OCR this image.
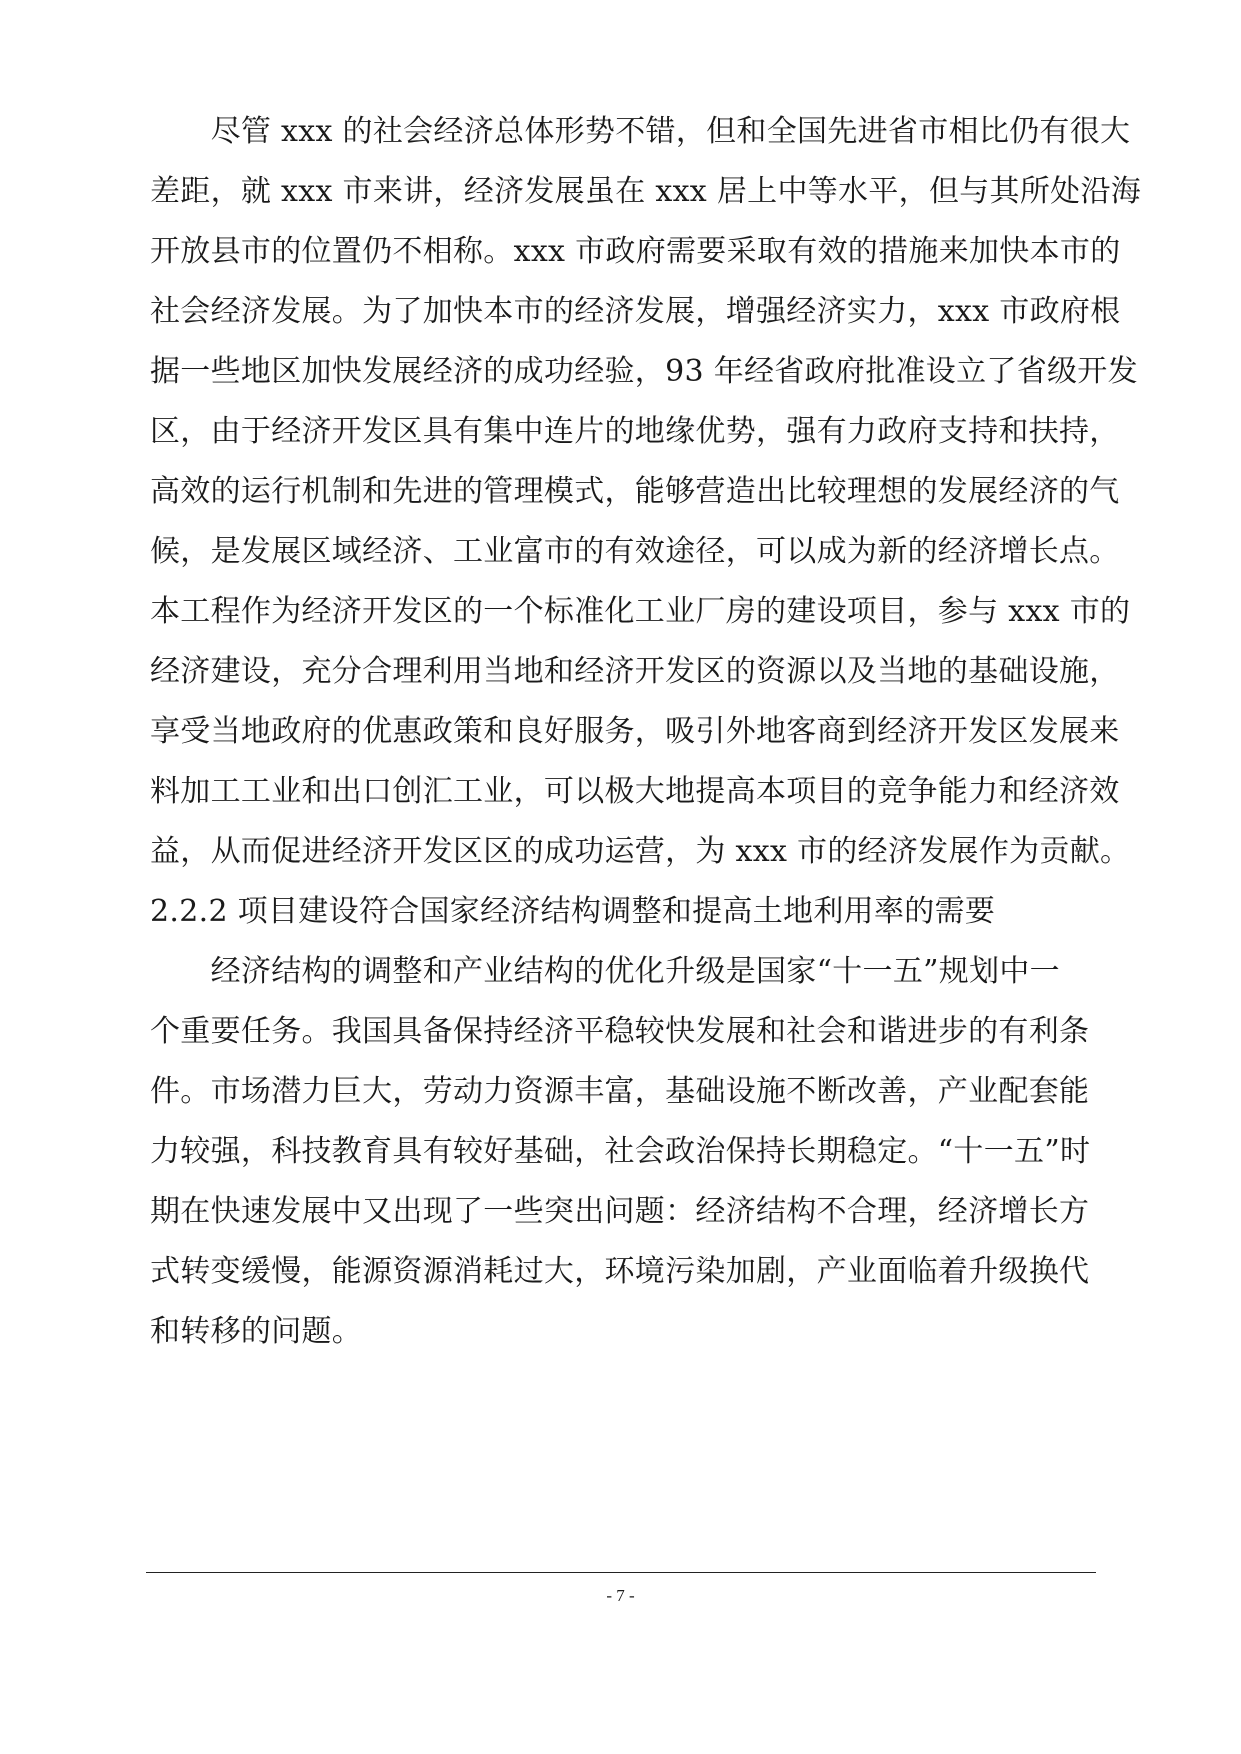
　　尽管 xxx 的社会经济总体形势不错，但和全国先进省市相比仍有很大
差距，就 xxx 市来讲，经济发展虽在 xxx 居上中等水平，但与其所处沿海
开放县市的位置仍不相称。xxx 市政府需要采取有效的措施来加快本市的
社会经济发展。为了加快本市的经济发展，增强经济实力，xxx 市政府根
据一些地区加快发展经济的成功经验，93 年经省政府批准设立了省级开发
区，由于经济开发区具有集中连片的地缘优势，强有力政府支持和扶持，
高效的运行机制和先进的管理模式，能够营造出比较理想的发展经济的气
候，是发展区域经济、工业富市的有效途径，可以成为新的经济增长点。
本工程作为经济开发区的一个标准化工业厂房的建设项目，参与 xxx 市的
经济建设，充分合理利用当地和经济开发区的资源以及当地的基础设施，
享受当地政府的优惠政策和良好服务，吸引外地客商到经济开发区发展来
料加工工业和出口创汇工业，可以极大地提高本项目的竞争能力和经济效
益，从而促进经济开发区区的成功运营，为 xxx 市的经济发展作为贡献。
2.2.2 项目建设符合国家经济结构调整和提高土地利用率的需要
　　经济结构的调整和产业结构的优化升级是国家“十一五”规划中一
个重要任务。我国具备保持经济平稳较快发展和社会和谐进步的有利条
件。市场潜力巨大，劳动力资源丰富，基础设施不断改善，产业配套能
力较强，科技教育具有较好基础，社会政治保持长期稳定。“十一五”时
期在快速发展中又出现了一些突出问题：经济结构不合理，经济增长方
式转变缓慢，能源资源消耗过大，环境污染加剧，产业面临着升级换代
和转移的问题。
- 7 -
